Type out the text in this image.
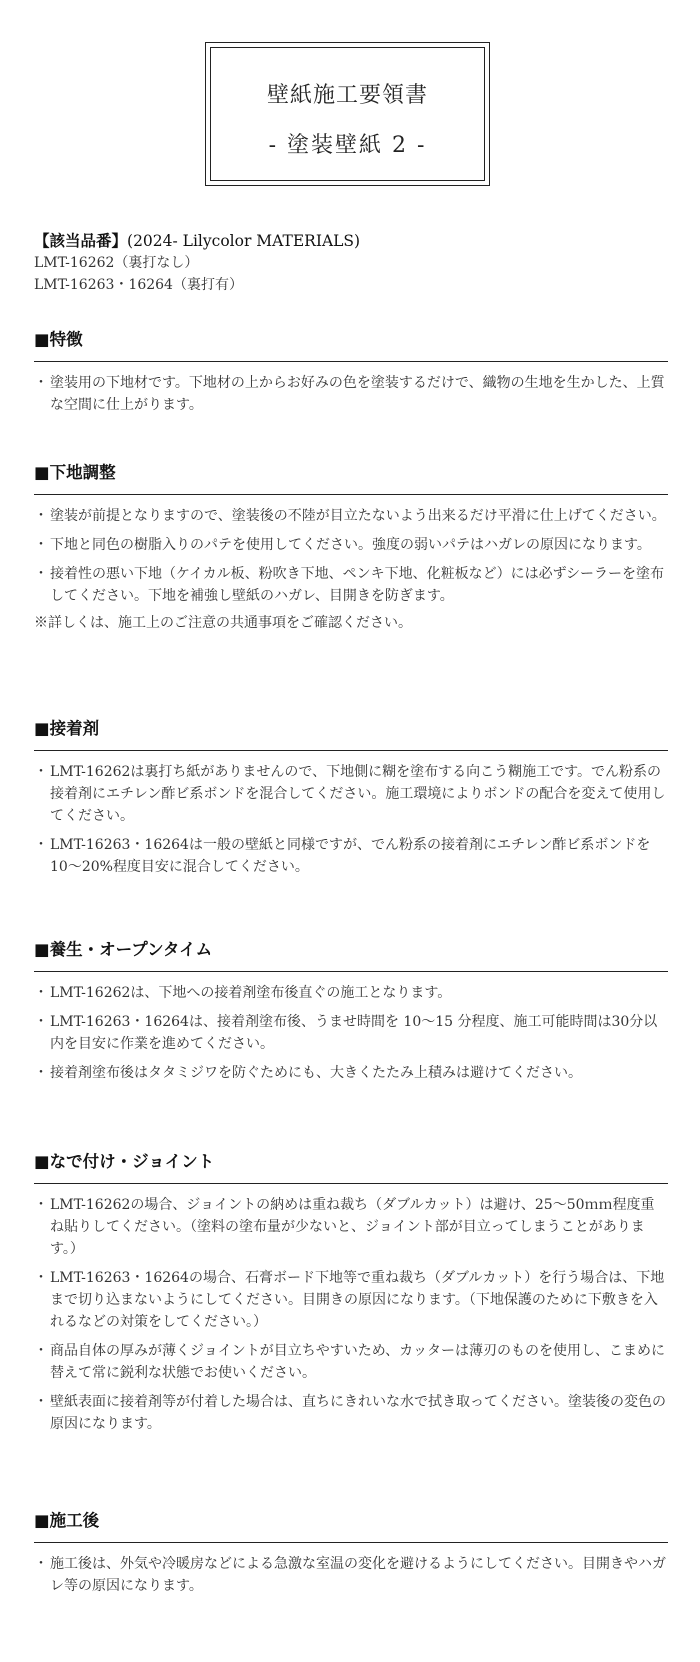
壁紙施工要領書
- 塗装壁紙 2 -
【該当品番】(2024- Lilycolor MATERIALS)
LMT-16262（裏打なし）
LMT-16263・16264（裏打有）
■特徴
・ 塗装用の下地材です。下地材の上からお好みの色を塗装するだけで、織物の生地を生かした、上質な空間に仕上がります。
■下地調整
・ 塗装が前提となりますので、塗装後の不陸が目立たないよう出来るだけ平滑に仕上げてください。
・ 下地と同色の樹脂入りのパテを使用してください。強度の弱いパテはハガレの原因になります。
・ 接着性の悪い下地（ケイカル板、粉吹き下地、ペンキ下地、化粧板など）には必ずシーラーを塗布してください。下地を補強し壁紙のハガレ、目開きを防ぎます。
※詳しくは、施工上のご注意の共通事項をご確認ください。
■接着剤
・ LMT-16262は裏打ち紙がありませんので、下地側に糊を塗布する向こう糊施工です。でん粉系の接着剤にエチレン酢ビ系ボンドを混合してください。施工環境によりボンドの配合を変えて使用してください。
・ LMT-16263・16264は一般の壁紙と同様ですが、でん粉系の接着剤にエチレン酢ビ系ボンドを 10～20%程度目安に混合してください。
■養生・オープンタイム
・ LMT-16262は、下地への接着剤塗布後直ぐの施工となります。
・ LMT-16263・16264は、接着剤塗布後、うませ時間を 10～15 分程度、施工可能時間は30分以内を目安に作業を進めてください。
・ 接着剤塗布後はタタミジワを防ぐためにも、大きくたたみ上積みは避けてください。
■なで付け・ジョイント
・ LMT-16262の場合、ジョイントの納めは重ね裁ち（ダブルカット）は避け、25～50ｍｍ程度重ね貼りしてください。（塗料の塗布量が少ないと、ジョイント部が目立ってしまうことがあります。）
・ LMT-16263・16264の場合、石膏ボード下地等で重ね裁ち（ダブルカット）を行う場合は、下地まで切り込まないようにしてください。目開きの原因になります。（下地保護のために下敷きを入れるなどの対策をしてください。）
・ 商品自体の厚みが薄くジョイントが目立ちやすいため、カッターは薄刃のものを使用し、こまめに替えて常に鋭利な状態でお使いください。
・ 壁紙表面に接着剤等が付着した場合は、直ちにきれいな水で拭き取ってください。塗装後の変色の原因になります。
■施工後
・ 施工後は、外気や冷暖房などによる急激な室温の変化を避けるようにしてください。目開きやハガレ等の原因になります。
